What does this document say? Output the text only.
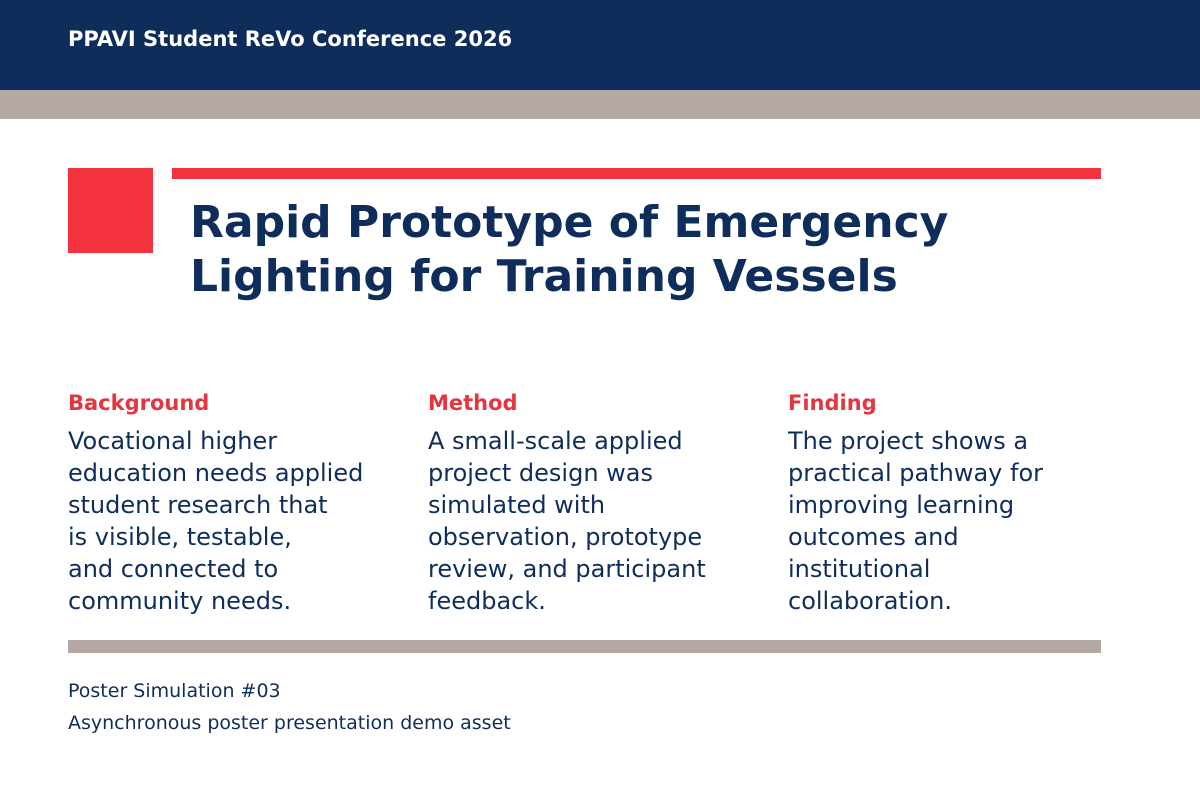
PPAVI Student ReVo Conference 2026
Rapid Prototype of Emergency
Lighting for Training Vessels
Background
Vocational higher
education needs applied
student research that
is visible, testable,
and connected to
community needs.
Method
A small-scale applied
project design was
simulated with
observation, prototype
review, and participant
feedback.
Finding
The project shows a
practical pathway for
improving learning
outcomes and
institutional
collaboration.
Poster Simulation #03
Asynchronous poster presentation demo asset
